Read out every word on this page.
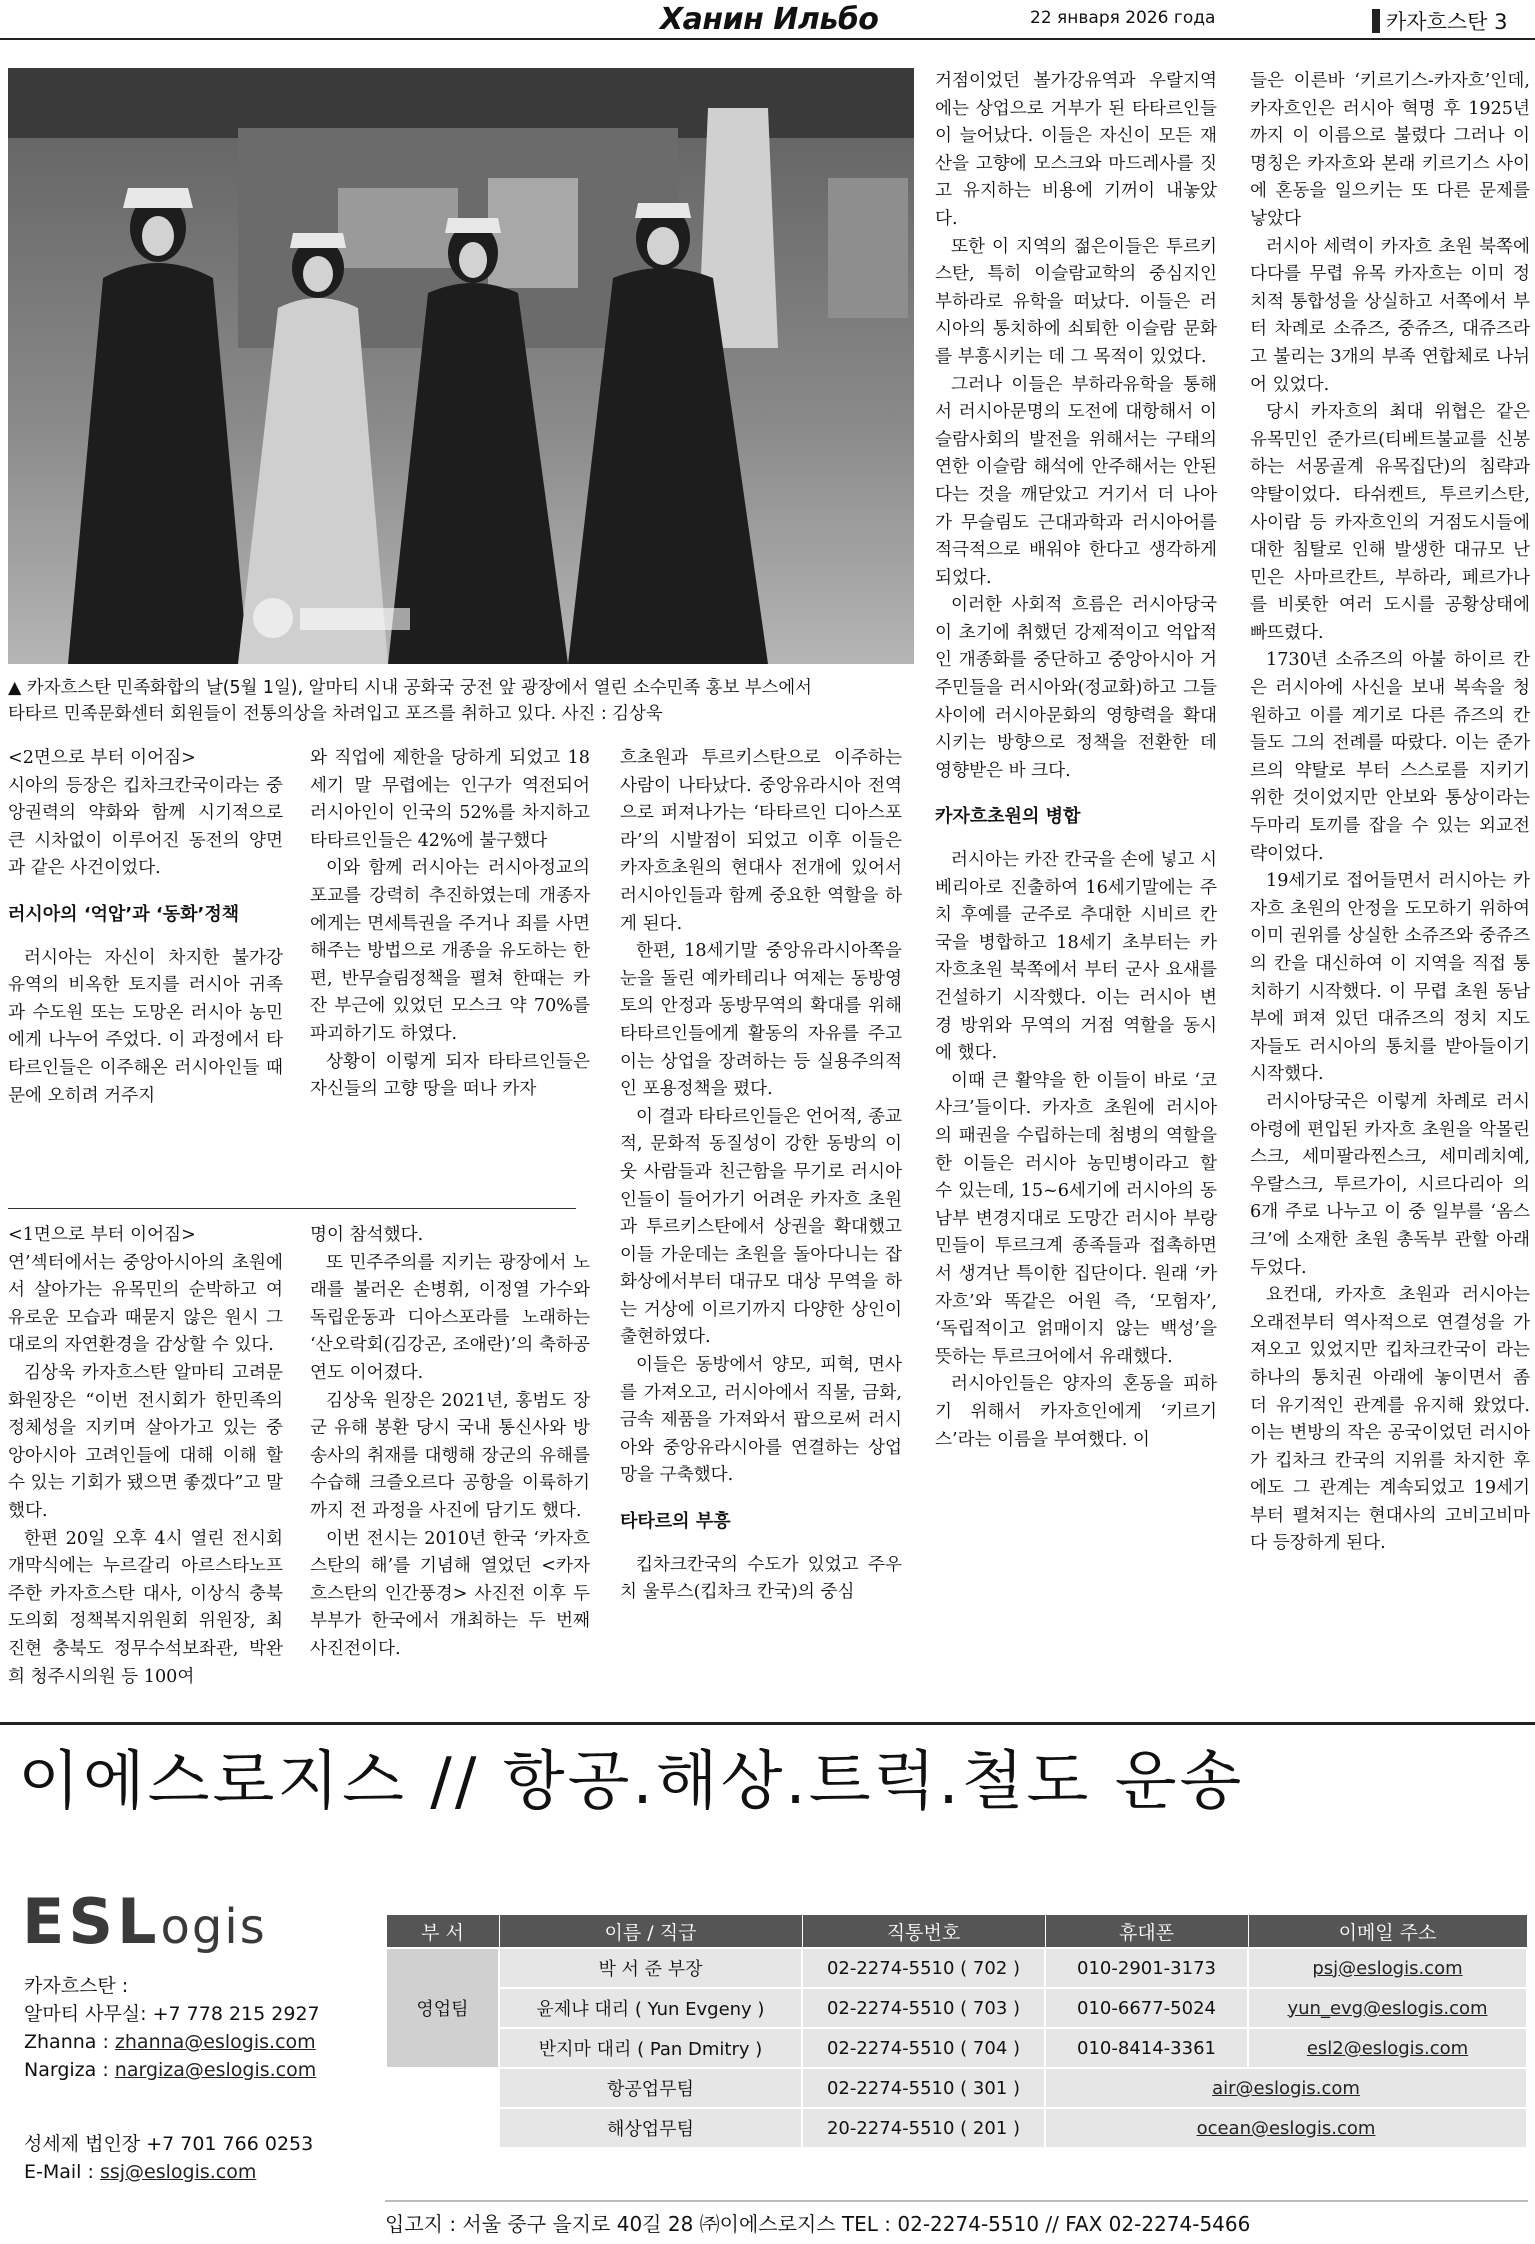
Ханин Ильбо	22 января 2026 года	카자흐스탄 3
▲ 카자흐스탄 민족화합의 날(5월 1일), 알마티 시내 공화국 궁전 앞 광장에서 열린 소수민족 홍보 부스에서
타타르 민족문화센터 회원들이 전통의상을 차려입고 포즈를 취하고 있다. 사진 : 김상욱

<2면으로 부터 이어짐>

시아의 등장은 킵차크칸국이라는 중앙권력의 약화와 함께 시기적으로 큰 시차없이 이루어진 동전의 양면과 같은 사건이었다.

러시아의 ‘억압’과 ‘동화’정책

러시아는 자신이 차지한 불가강 유역의 비옥한 토지를 러시아 귀족과 수도원 또는 도망온 러시아 농민에게 나누어 주었다. 이 과정에서 타타르인들은 이주해온 러시아인들 때문에 오히려 거주지

와 직업에 제한을 당하게 되었고 18세기 말 무렵에는 인구가 역전되어 러시아인이 인국의 52%를 차지하고 타타르인들은 42%에 불구했다

이와 함께 러시아는 러시아정교의 포교를 강력히 추진하였는데 개종자에게는 면세특권을 주거나 죄를 사면해주는 방법으로 개종을 유도하는 한편, 반무슬림정책을 펼쳐 한때는 카잔 부근에 있었던 모스크 약 70%를 파괴하기도 하였다.

상황이 이렇게 되자 타타르인들은 자신들의 고향 땅을 떠나 카자

흐초원과 투르키스탄으로 이주하는 사람이 나타났다. 중앙유라시아 전역으로 퍼져나가는 ‘타타르인 디아스포라’의 시발점이 되었고 이후 이들은 카자흐초원의 현대사 전개에 있어서 러시아인들과 함께 중요한 역할을 하게 된다.

한편, 18세기말 중앙유라시아쪽을 눈을 돌린 예카테리나 여제는 동방영토의 안정과 동방무역의 확대를 위해 타타르인들에게 활동의 자유를 주고 이는 상업을 장려하는 등 실용주의적인 포용정책을 폈다.

이 결과 타타르인들은 언어적, 종교적, 문화적 동질성이 강한 동방의 이웃 사람들과 친근함을 무기로 러시아인들이 들어가기 어려운 카자흐 초원과 투르키스탄에서 상권을 확대했고 이들 가운데는 초원을 돌아다니는 잡화상에서부터 대규모 대상 무역을 하는 거상에 이르기까지 다양한 상인이 출현하였다.

이들은 동방에서 양모, 피혁, 면사를 가져오고, 러시아에서 직물, 금화, 금속 제품을 가져와서 팝으로써 러시아와 중앙유라시아를 연결하는 상업망을 구축했다.

타타르의 부흥

킵차크칸국의 수도가 있었고 주우치 울루스(킵차크 칸국)의 중심

거점이었던 볼가강유역과 우랄지역에는 상업으로 거부가 된 타타르인들이 늘어났다. 이들은 자신이 모든 재산을 고향에 모스크와 마드레사를 짓고 유지하는 비용에 기꺼이 내놓았다.

또한 이 지역의 젊은이들은 투르키스탄, 특히 이슬람교학의 중심지인 부하라로 유학을 떠났다. 이들은 러시아의 통치하에 쇠퇴한 이슬람 문화를 부흥시키는 데 그 목적이 있었다.

그러나 이들은 부하라유학을 통해서 러시아문명의 도전에 대항해서 이슬람사회의 발전을 위해서는 구태의연한 이슬람 해석에 안주해서는 안된다는 것을 깨닫았고 거기서 더 나아가 무슬림도 근대과학과 러시아어를 적극적으로 배워야 한다고 생각하게 되었다.

이러한 사회적 흐름은 러시아당국이 초기에 취했던 강제적이고 억압적인 개종화를 중단하고 중앙아시아 거주민들을 러시아와(정교화)하고 그들 사이에 러시아문화의 영향력을 확대시키는 방향으로 정책을 전환한 데 영향받은 바 크다.

카자흐초원의 병합

러시아는 카잔 칸국을 손에 넣고 시베리아로 진출하여 16세기말에는 주치 후예를 군주로 추대한 시비르 칸국을 병합하고 18세기 초부터는 카자흐초원 북쪽에서 부터 군사 요새를 건설하기 시작했다. 이는 러시아 변경 방위와 무역의 거점 역할을 동시에 했다.

이때 큰 활약을 한 이들이 바로 ‘코사크’들이다. 카자흐 초원에 러시아의 패권을 수립하는데 첨병의 역할을 한 이들은 러시아 농민병이라고 할 수 있는데, 15~6세기에 러시아의 동남부 변경지대로 도망간 러시아 부랑민들이 투르크계 종족들과 접촉하면서 생겨난 특이한 집단이다. 원래 ‘카자흐’와 똑같은 어원 즉, ‘모험자’, ‘독립적이고 얽매이지 않는 백성’을 뜻하는 투르크어에서 유래했다.

러시아인들은 양자의 혼동을 피하기 위해서 카자흐인에게 ‘키르기스’라는 이름을 부여했다. 이

들은 이른바 ‘키르기스-카자흐’인데, 카자흐인은 러시아 혁명 후 1925년까지 이 이름으로 불렸다 그러나 이 명칭은 카자흐와 본래 키르기스 사이에 혼동을 일으키는 또 다른 문제를 낳았다

러시아 세력이 카자흐 초원 북쪽에 다다를 무렵 유목 카자흐는 이미 정치적 통합성을 상실하고 서쪽에서 부터 차례로 소쥬즈, 중쥬즈, 대쥬즈라고 불리는 3개의 부족 연합체로 나뉘어 있었다.

당시 카자흐의 최대 위협은 같은 유목민인 준가르(티베트불교를 신봉하는 서몽골계 유목집단)의 침략과 약탈이었다. 타쉬켄트, 투르키스탄, 사이람 등 카자흐인의 거점도시들에 대한 침탈로 인해 발생한 대규모 난민은 사마르칸트, 부하라, 페르가나를 비롯한 여러 도시를 공황상태에 빠뜨렸다.

1730년 소쥬즈의 아불 하이르 칸은 러시아에 사신을 보내 복속을 청원하고 이를 계기로 다른 쥬즈의 칸들도 그의 전례를 따랐다. 이는 준가르의 약탈로 부터 스스로를 지키기 위한 것이었지만 안보와 통상이라는 두마리 토끼를 잡을 수 있는 외교전략이었다.

19세기로 접어들면서 러시아는 카자흐 초원의 안정을 도모하기 위하여 이미 권위를 상실한 소쥬즈와 중쥬즈의 칸을 대신하여 이 지역을 직접 통치하기 시작했다. 이 무렵 초원 동남부에 펴져 있던 대쥬즈의 정치 지도자들도 러시아의 통치를 받아들이기 시작했다.

러시아당국은 이렇게 차례로 러시아령에 편입된 카자흐 초원을 악몰린스크, 세미팔라찐스크, 세미레치예, 우랄스크, 투르가이, 시르다리아 의 6개 주로 나누고 이 중 일부를 ‘옴스크’에 소재한 초원 총독부 관할 아래 두었다.

요컨대, 카자흐 초원과 러시아는 오래전부터 역사적으로 연결성을 가져오고 있었지만 킵차크칸국이 라는 하나의 통치권 아래에 놓이면서 좀 더 유기적인 관계를 유지해 왔었다. 이는 변방의 작은 공국이었던 러시아가 킵차크 칸국의 지위를 차지한 후에도 그 관계는 계속되었고 19세기 부터 펼쳐지는 현대사의 고비고비마다 등장하게 된다.

<1면으로 부터 이어짐>

연’섹터에서는 중앙아시아의 초원에서 살아가는 유목민의 순박하고 여유로운 모습과 때묻지 않은 원시 그대로의 자연환경을 감상할 수 있다.

김상욱 카자흐스탄 알마티 고려문화원장은 “이번 전시회가 한민족의 정체성을 지키며 살아가고 있는 중앙아시아 고려인들에 대해 이해 할 수 있는 기회가 됐으면 좋겠다”고 말했다.

한편 20일 오후 4시 열린 전시회 개막식에는 누르갈리 아르스타노프 주한 카자흐스탄 대사, 이상식 충북도의회 정책복지위원회 위원장, 최진현 충북도 정무수석보좌관, 박완희 청주시의원 등 100여

명이 참석했다.

또 민주주의를 지키는 광장에서 노래를 불러온 손병휘, 이정열 가수와 독립운동과 디아스포라를 노래하는 ‘산오락회(김강곤, 조애란)’의 축하공연도 이어졌다.

김상욱 원장은 2021년, 홍범도 장군 유해 봉환 당시 국내 통신사와 방송사의 취재를 대행해 장군의 유해를 수습해 크즐오르다 공항을 이륙하기까지 전 과정을 사진에 담기도 했다.

이번 전시는 2010년 한국 ‘카자흐스탄의 해’를 기념해 열었던 <카자흐스탄의 인간풍경> 사진전 이후 두 부부가 한국에서 개최하는 두 번째 사진전이다.

이에스로지스 // 항공.해상.트럭.철도 운송
ESLogis
카자흐스탄 :
알마티 사무실: +7 778 215 2927
Zhanna : zhanna@eslogis.com
Nargiza : nargiza@eslogis.com
성세제 법인장 +7 701 766 0253
E-Mail : ssj@eslogis.com
부 서	이름 / 직급	직통번호	휴대폰	이메일 주소
영업팀	박 서 준 부장	02-2274-5510 ( 702 )	010-2901-3173	psj@eslogis.com
	윤제냐 대리 ( Yun Evgeny )	02-2274-5510 ( 703 )	010-6677-5024	yun_evg@eslogis.com
	반지마 대리 ( Pan Dmitry )	02-2274-5510 ( 704 )	010-8414-3361	esl2@eslogis.com
	항공업무팀	02-2274-5510 ( 301 )	air@eslogis.com	
	해상업무팀	20-2274-5510 ( 201 )	ocean@eslogis.com	
입고지 : 서울 중구 을지로 40길 28 ㈜이에스로지스 TEL : 02-2274-5510 // FAX 02-2274-5466
